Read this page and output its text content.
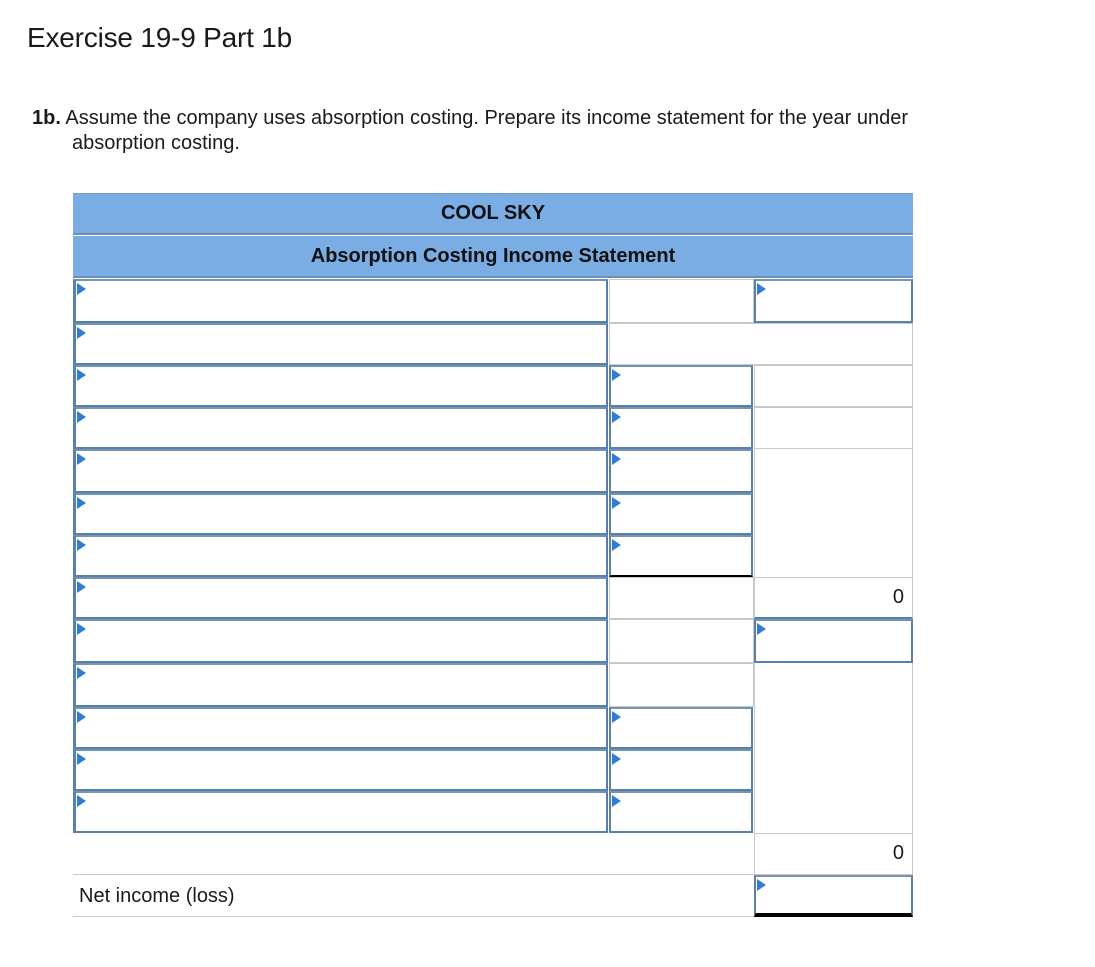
Exercise 19-9 Part 1b
1b. Assume the company uses absorption costing. Prepare its income statement for the year under
absorption costing.
COOL SKY
Absorption Costing Income Statement
0
0
Net income (loss)
